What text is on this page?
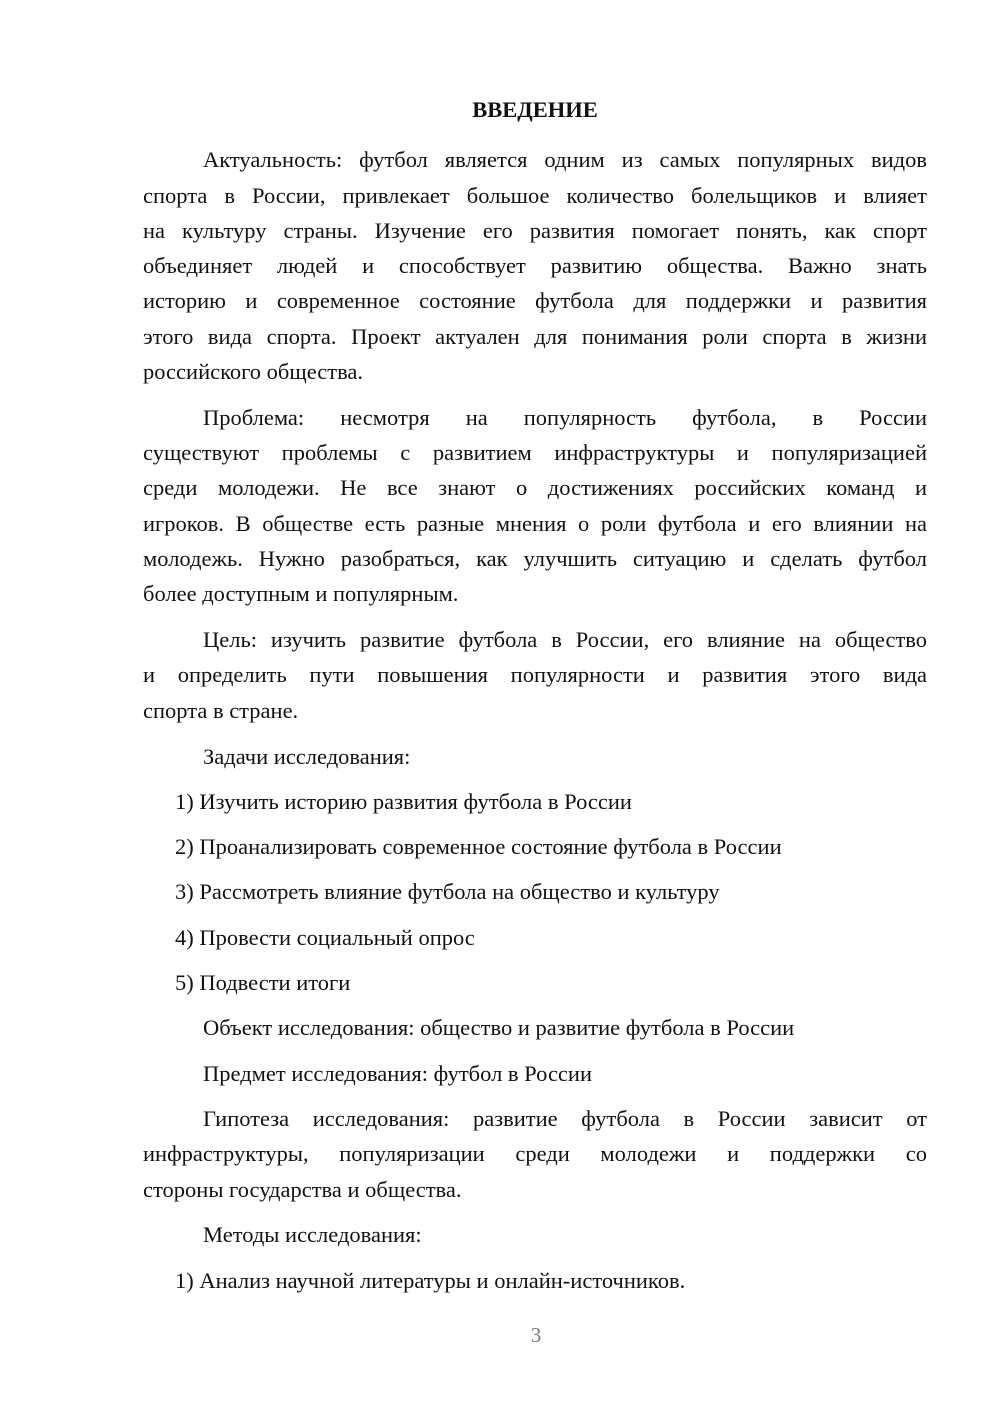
ВВЕДЕНИЕ
Актуальность: футбол является одним из самых популярных видов
спорта в России, привлекает большое количество болельщиков и влияет
на культуру страны. Изучение его развития помогает понять, как спорт
объединяет людей и способствует развитию общества. Важно знать
историю и современное состояние футбола для поддержки и развития
этого вида спорта. Проект актуален для понимания роли спорта в жизни
российского общества.
Проблема: несмотря на популярность футбола, в России
существуют проблемы с развитием инфраструктуры и популяризацией
среди молодежи. Не все знают о достижениях российских команд и
игроков. В обществе есть разные мнения о роли футбола и его влиянии на
молодежь. Нужно разобраться, как улучшить ситуацию и сделать футбол
более доступным и популярным.
Цель: изучить развитие футбола в России, его влияние на общество
и определить пути повышения популярности и развития этого вида
спорта в стране.
Задачи исследования:
1) Изучить историю развития футбола в России
2) Проанализировать современное состояние футбола в России
3) Рассмотреть влияние футбола на общество и культуру
4) Провести социальный опрос
5) Подвести итоги
Объект исследования: общество и развитие футбола в России
Предмет исследования: футбол в России
Гипотеза исследования: развитие футбола в России зависит от
инфраструктуры, популяризации среди молодежи и поддержки со
стороны государства и общества.
Методы исследования:
1) Анализ научной литературы и онлайн-источников.
3
